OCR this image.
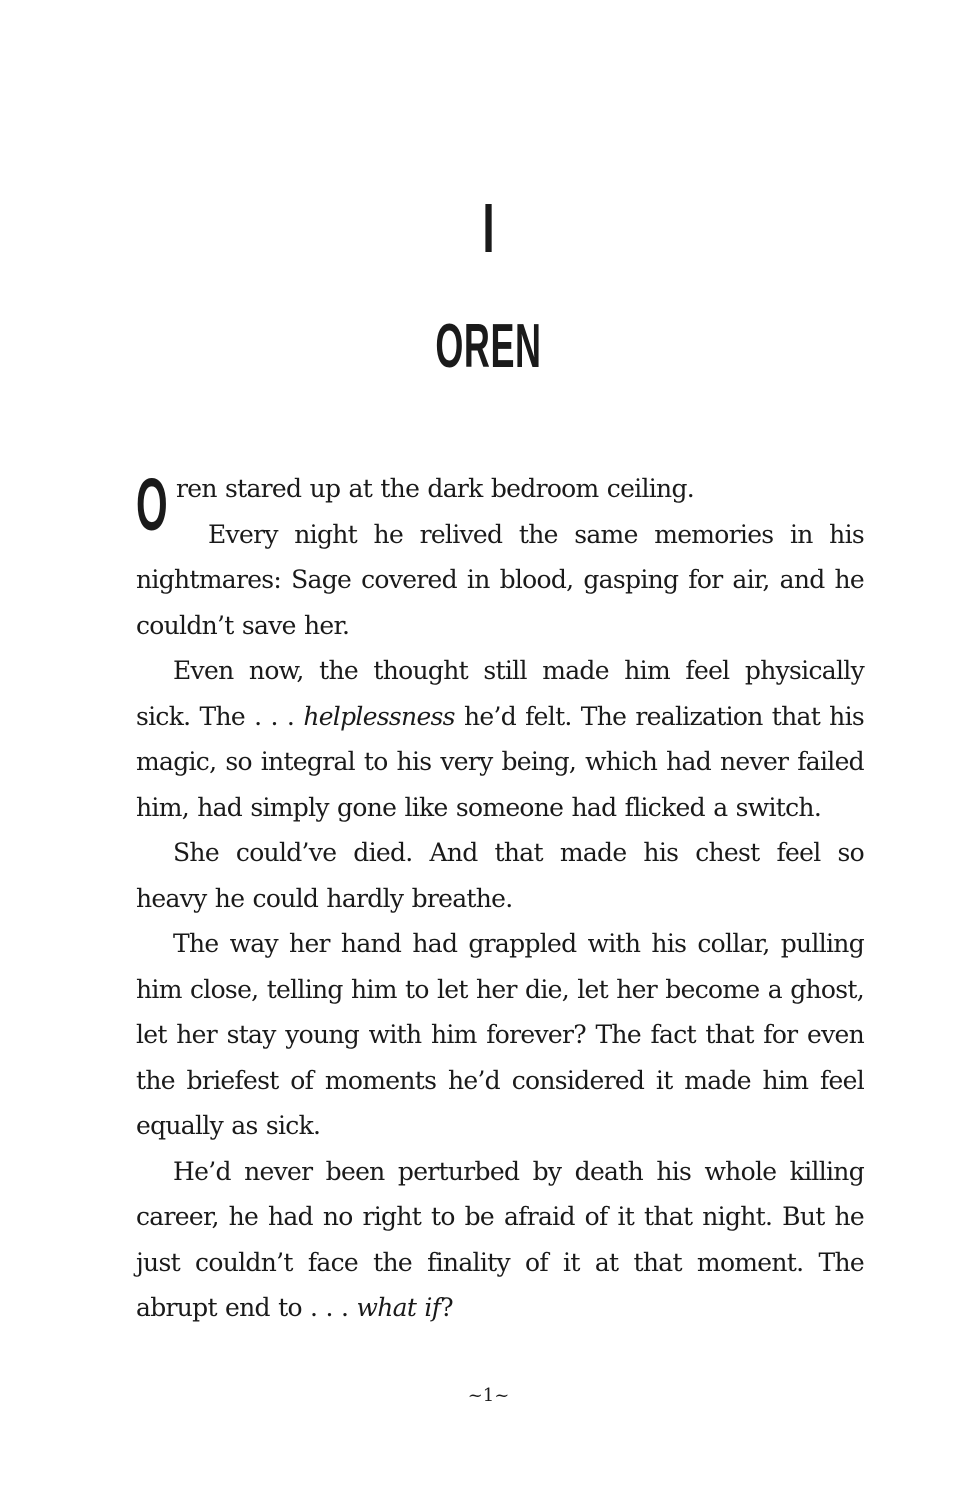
I
OREN

O ren stared up at the dark bedroom ceiling.
Every night he relived the same memories in his nightmares: Sage covered in blood, gasping for air, and he couldn’t save her.

Even now, the thought still made him feel physically sick. The . . . helplessness he’d felt. The realization that his magic, so integral to his very being, which had never failed him, had simply gone like someone had flicked a switch.

She could’ve died. And that made his chest feel so heavy he could hardly breathe.

The way her hand had grappled with his collar, pulling him close, telling him to let her die, let her become a ghost, let her stay young with him forever? The fact that for even the briefest of moments he’d considered it made him feel equally as sick.

He’d never been perturbed by death his whole killing career, he had no right to be afraid of it that night. But he just couldn’t face the finality of it at that moment. The abrupt end to . . . what if?

~1~
